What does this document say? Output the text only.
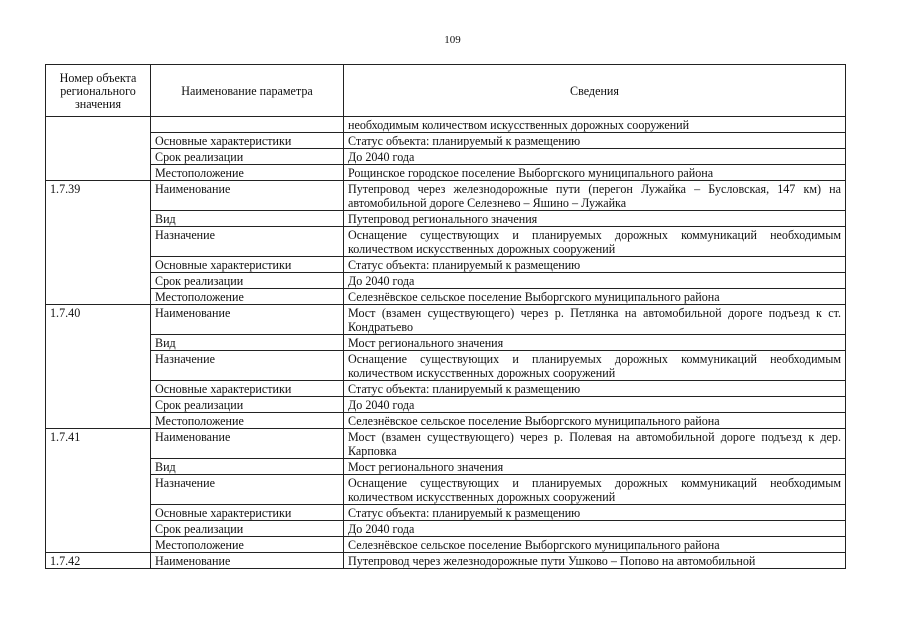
109
Номер объекта
регионального
значения	Наименование параметра	Сведения
		необходимым количеством искусственных дорожных сооружений
	Основные характеристики	Статус объекта: планируемый к размещению
	Срок реализации	До 2040 года
	Местоположение	Рощинское городское поселение Выборгского муниципального района
1.7.39	Наименование	Путепровод через железнодорожные пути (перегон Лужайка – Бусловская, 147 км) на автомобильной дороге Селезнево – Яшино – Лужайка
	Вид	Путепровод регионального значения
	Назначение	Оснащение существующих и планируемых дорожных коммуникаций необходимым количеством искусственных дорожных сооружений
	Основные характеристики	Статус объекта: планируемый к размещению
	Срок реализации	До 2040 года
	Местоположение	Селезнёвское сельское поселение Выборгского муниципального района
1.7.40	Наименование	Мост (взамен существующего) через р. Петлянка на автомобильной дороге подъезд к ст. Кондратьево
	Вид	Мост регионального значения
	Назначение	Оснащение существующих и планируемых дорожных коммуникаций необходимым количеством искусственных дорожных сооружений
	Основные характеристики	Статус объекта: планируемый к размещению
	Срок реализации	До 2040 года
	Местоположение	Селезнёвское сельское поселение Выборгского муниципального района
1.7.41	Наименование	Мост (взамен существующего) через р. Полевая на автомобильной дороге подъезд к дер. Карповка
	Вид	Мост регионального значения
	Назначение	Оснащение существующих и планируемых дорожных коммуникаций необходимым количеством искусственных дорожных сооружений
	Основные характеристики	Статус объекта: планируемый к размещению
	Срок реализации	До 2040 года
	Местоположение	Селезнёвское сельское поселение Выборгского муниципального района
1.7.42	Наименование	Путепровод через железнодорожные пути Ушково – Попово на автомобильной
